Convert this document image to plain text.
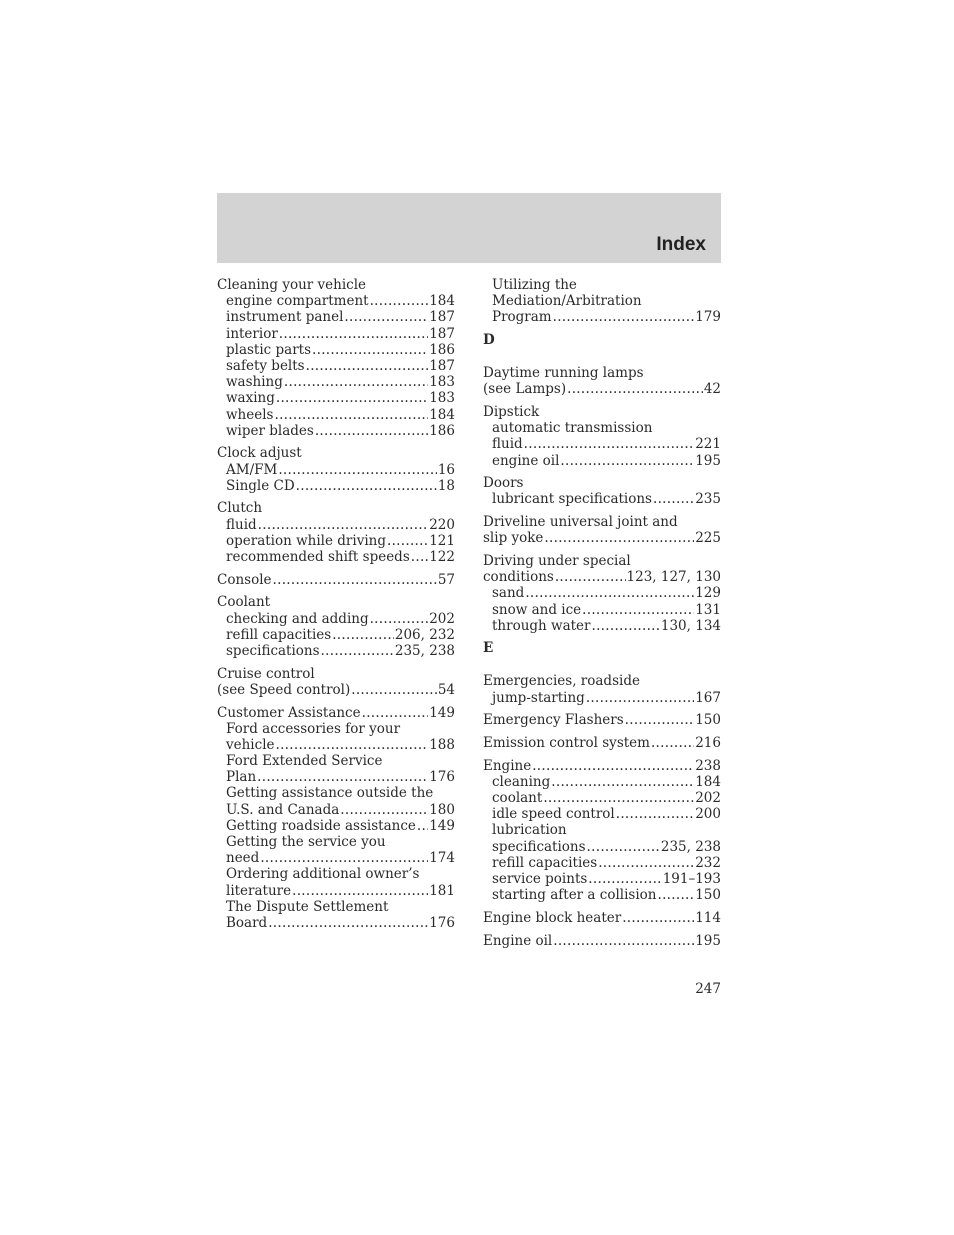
Index
Cleaning your vehicle
engine compartment .....	184
instrument panel .....	187
interior .....	187
plastic parts .....	186
safety belts .....	187
washing .....	183
waxing .....	183
wheels .....	184
wiper blades .....	186
Clock adjust
AM/FM .....	16
Single CD .....	18
Clutch
fluid .....	220
operation while driving .....	121
recommended shift speeds ..... 122
Console .....	57
Coolant
checking and adding .....	202
refill capacities .....	206, 232
specifications .....	235, 238
Cruise control
(see Speed control) .....	54
Customer Assistance .....	149
Ford accessories for your
vehicle .....	188
Ford Extended Service
Plan .....	176
Getting assistance outside the
U.S. and Canada .....	180
Getting roadside assistance ..... 149
Getting the service you
need .....	174
Ordering additional owner’s
literature .....	181
The Dispute Settlement
Board .....	176
Utilizing the
Mediation/Arbitration
Program .....	179
D
Daytime running lamps
(see Lamps) .....	42
Dipstick
automatic transmission
fluid .....	221
engine oil .....	195
Doors
lubricant specifications .....	235
Driveline universal joint and
slip yoke .....	225
Driving under special
conditions .....	123, 127, 130
sand .....	129
snow and ice .....	131
through water .....	130, 134
E
Emergencies, roadside
jump-starting .....	167
Emergency Flashers .....	150
Emission control system .....	216
Engine .....	238
cleaning .....	184
coolant .....	202
idle speed control .....	200
lubrication
specifications .....	235, 238
refill capacities .....	232
service points .....	191–193
starting after a collision .....	150
Engine block heater .....	114
Engine oil .....	195
247
